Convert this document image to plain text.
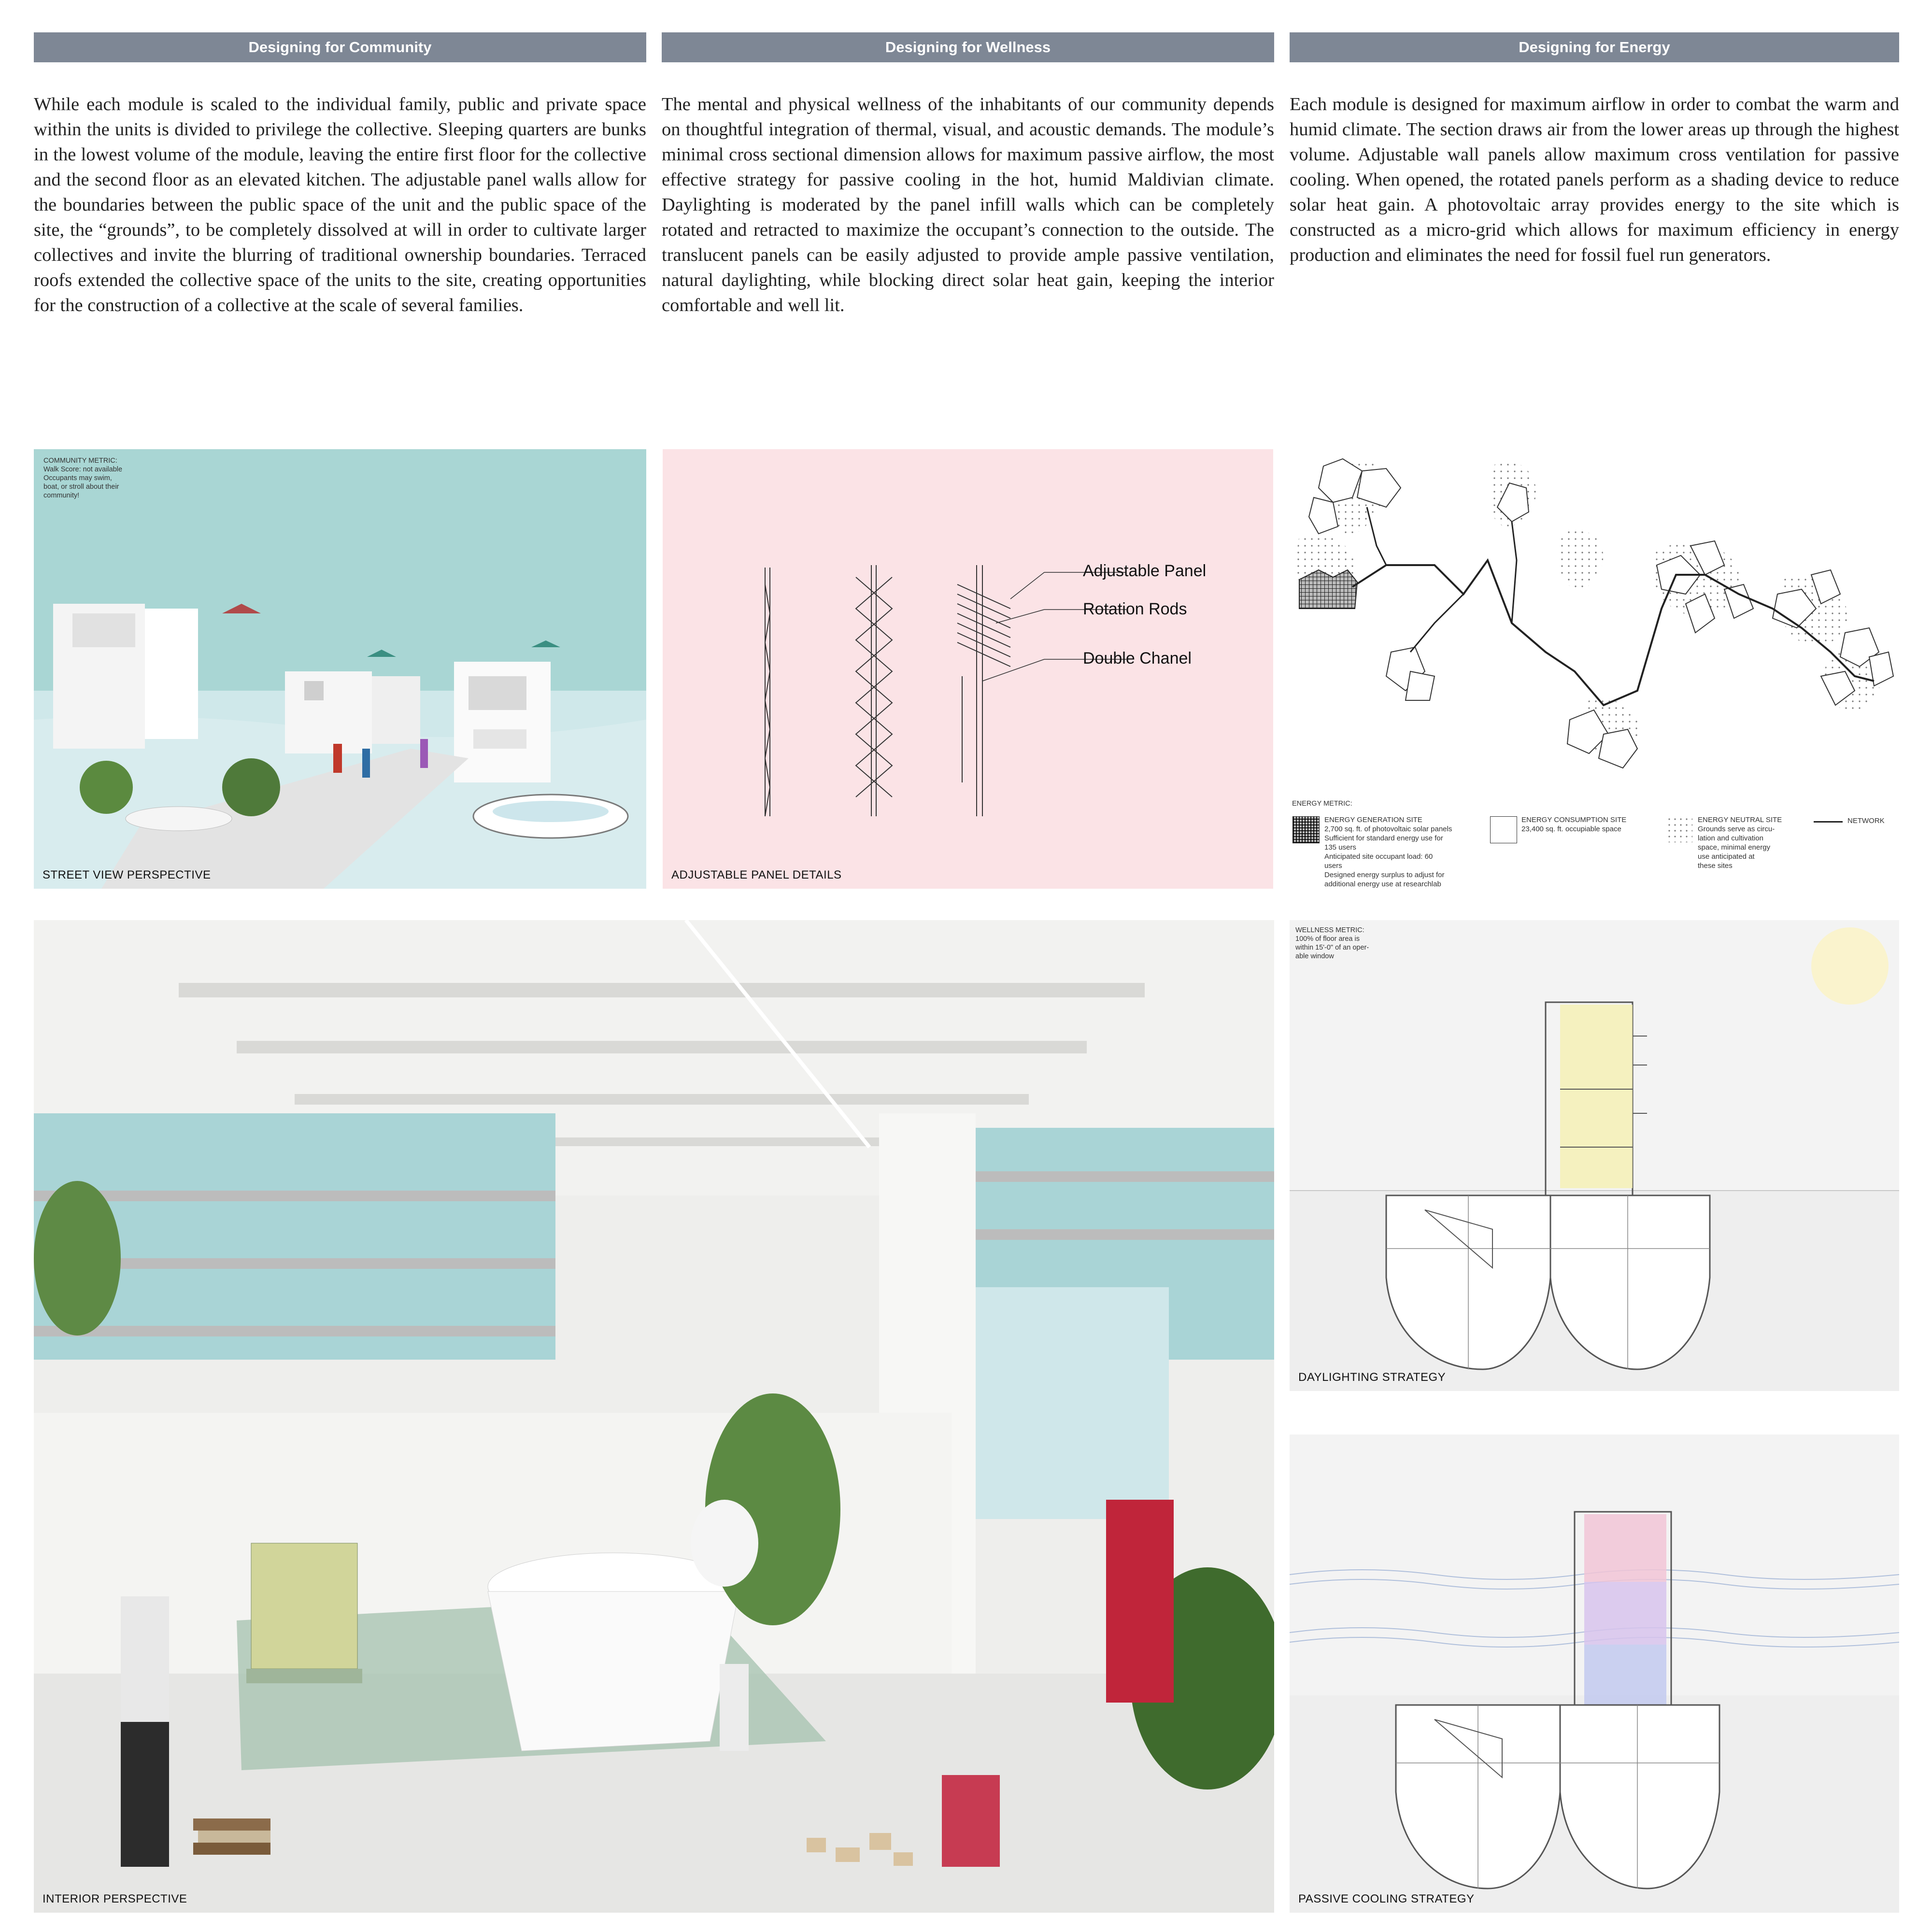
Designing for Community	Designing for Wellness	Designing for Energy

While each module is scaled to the individual family, public and private space within the units is divided to privilege the collective. Sleeping quarters are bunks in the lowest volume of the module, leaving the entire first floor for the collective and the second floor as an elevated kitchen. The adjustable panel walls allow for the boundaries between the public space of the unit and the public space of the site, the “grounds”, to be completely dissolved at will in order to cultivate larger collectives and invite the blurring of traditional ownership boundaries. Terraced roofs extended the collective space of the units to the site, creating opportunities for the construction of a collective at the scale of several families.

The mental and physical wellness of the inhabitants of our community depends on thoughtful integration of thermal, visual, and acoustic demands. The module’s minimal cross sectional dimension allows for maximum passive airflow, the most effective strategy for passive cooling in the hot, humid Maldivian climate. Daylighting is moderated by the panel infill walls which can be completely rotated and retracted to maximize the occupant’s connection to the outside. The translucent panels can be easily adjusted to provide ample passive ventilation, natural daylighting, while blocking direct solar heat gain, keeping the interior comfortable and well lit.

Each module is designed for maximum airflow in order to combat the warm and humid climate. The section draws air from the lower areas up through the highest volume. Adjustable wall panels allow maximum cross ventilation for passive cooling. When opened, the rotated panels perform as a shading device to reduce solar heat gain. A photovoltaic array provides energy to the site which is constructed as a micro-grid which allows for maximum efficiency in energy production and eliminates the need for fossil fuel run generators.

COMMUNITY METRIC:
Walk Score: not available
Occupants may swim,
boat, or stroll about their
community!
STREET VIEW PERSPECTIVE
Adjustable Panel
Rotation Rods
Double Chanel
ADJUSTABLE PANEL DETAILS
ENERGY METRIC:
ENERGY GENERATION SITE
2,700 sq. ft. of photovoltaic solar panels
Sufficient for standard energy use for
135 users
Anticipated site occupant load: 60
users
Designed energy surplus to adjust for
additional energy use at researchlab
ENERGY CONSUMPTION SITE
23,400 sq. ft. occupiable space
ENERGY NEUTRAL SITE
Grounds serve as circu-
lation and cultivation
space, minimal energy
use anticipated at
these sites
NETWORK
INTERIOR PERSPECTIVE
WELLNESS METRIC:
100% of floor area is
within 15'-0" of an oper-
able window
DAYLIGHTING STRATEGY
PASSIVE COOLING STRATEGY
